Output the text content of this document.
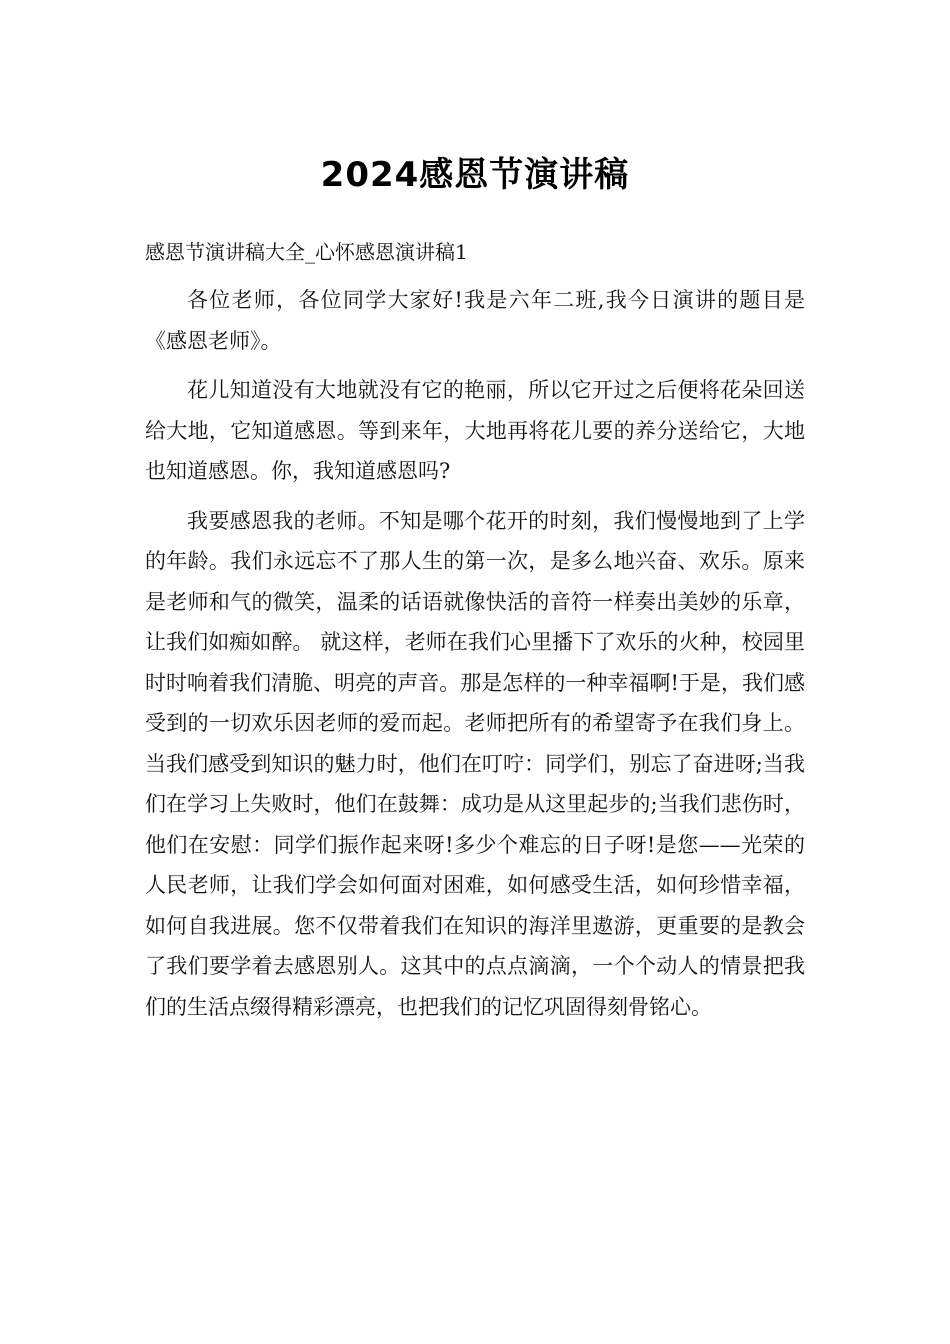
2024感恩节演讲稿
感恩节演讲稿大全_心怀感恩演讲稿1

各位老师，各位同学大家好!我是六年二班,我今日演讲的题目是《感恩老师》。

花儿知道没有大地就没有它的艳丽，所以它开过之后便将花朵回送给大地，它知道感恩。等到来年，大地再将花儿要的养分送给它，大地也知道感恩。你，我知道感恩吗?

我要感恩我的老师。不知是哪个花开的时刻，我们慢慢地到了上学的年龄。我们永远忘不了那人生的第一次，是多么地兴奋、欢乐。原来是老师和气的微笑，温柔的话语就像快活的音符一样奏出美妙的乐章，让我们如痴如醉。 就这样，老师在我们心里播下了欢乐的火种，校园里时时响着我们清脆、明亮的声音。那是怎样的一种幸福啊!于是，我们感受到的一切欢乐因老师的爱而起。老师把所有的希望寄予在我们身上。当我们感受到知识的魅力时，他们在叮咛：同学们，别忘了奋进呀;当我们在学习上失败时，他们在鼓舞：成功是从这里起步的;当我们悲伤时，他们在安慰：同学们振作起来呀!多少个难忘的日子呀!是您——光荣的人民老师，让我们学会如何面对困难，如何感受生活，如何珍惜幸福，如何自我进展。您不仅带着我们在知识的海洋里遨游，更重要的是教会了我们要学着去感恩别人。这其中的点点滴滴，一个个动人的情景把我们的生活点缀得精彩漂亮，也把我们的记忆巩固得刻骨铭心。
